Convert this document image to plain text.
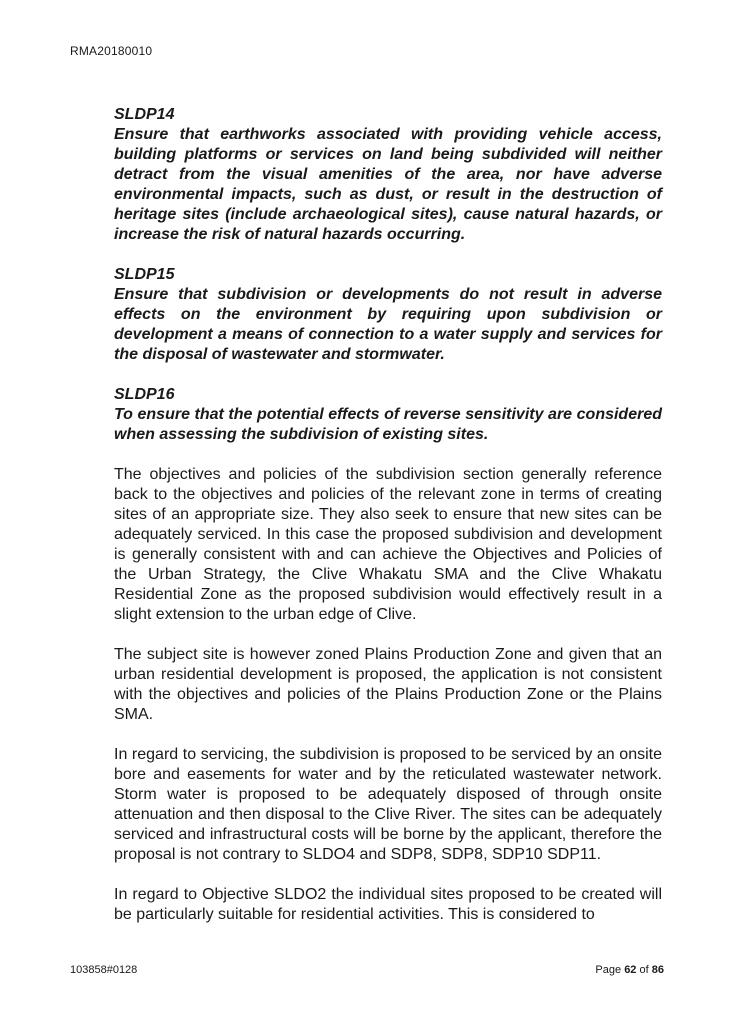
RMA20180010
SLDP14
Ensure that earthworks associated with providing vehicle access, building platforms or services on land being subdivided will neither detract from the visual amenities of the area, nor have adverse environmental impacts, such as dust, or result in the destruction of heritage sites (include archaeological sites), cause natural hazards, or increase the risk of natural hazards occurring.
SLDP15
Ensure that subdivision or developments do not result in adverse effects on the environment by requiring upon subdivision or development a means of connection to a water supply and services for the disposal of wastewater and stormwater.
SLDP16
To ensure that the potential effects of reverse sensitivity are considered when assessing the subdivision of existing sites.

The objectives and policies of the subdivision section generally reference back to the objectives and policies of the relevant zone in terms of creating sites of an appropriate size. They also seek to ensure that new sites can be adequately serviced. In this case the proposed subdivision and development is generally consistent with and can achieve the Objectives and Policies of the Urban Strategy, the Clive Whakatu SMA and the Clive Whakatu Residential Zone as the proposed subdivision would effectively result in a slight extension to the urban edge of Clive.

The subject site is however zoned Plains Production Zone and given that an urban residential development is proposed, the application is not consistent with the objectives and policies of the Plains Production Zone or the Plains SMA.

In regard to servicing, the subdivision is proposed to be serviced by an onsite bore and easements for water and by the reticulated wastewater network. Storm water is proposed to be adequately disposed of through onsite attenuation and then disposal to the Clive River. The sites can be adequately serviced and infrastructural costs will be borne by the applicant, therefore the proposal is not contrary to SLDO4 and SDP8, SDP8, SDP10 SDP11.

In regard to Objective SLDO2 the individual sites proposed to be created will be particularly suitable for residential activities. This is considered to

103858#0128	Page 62 of 86
